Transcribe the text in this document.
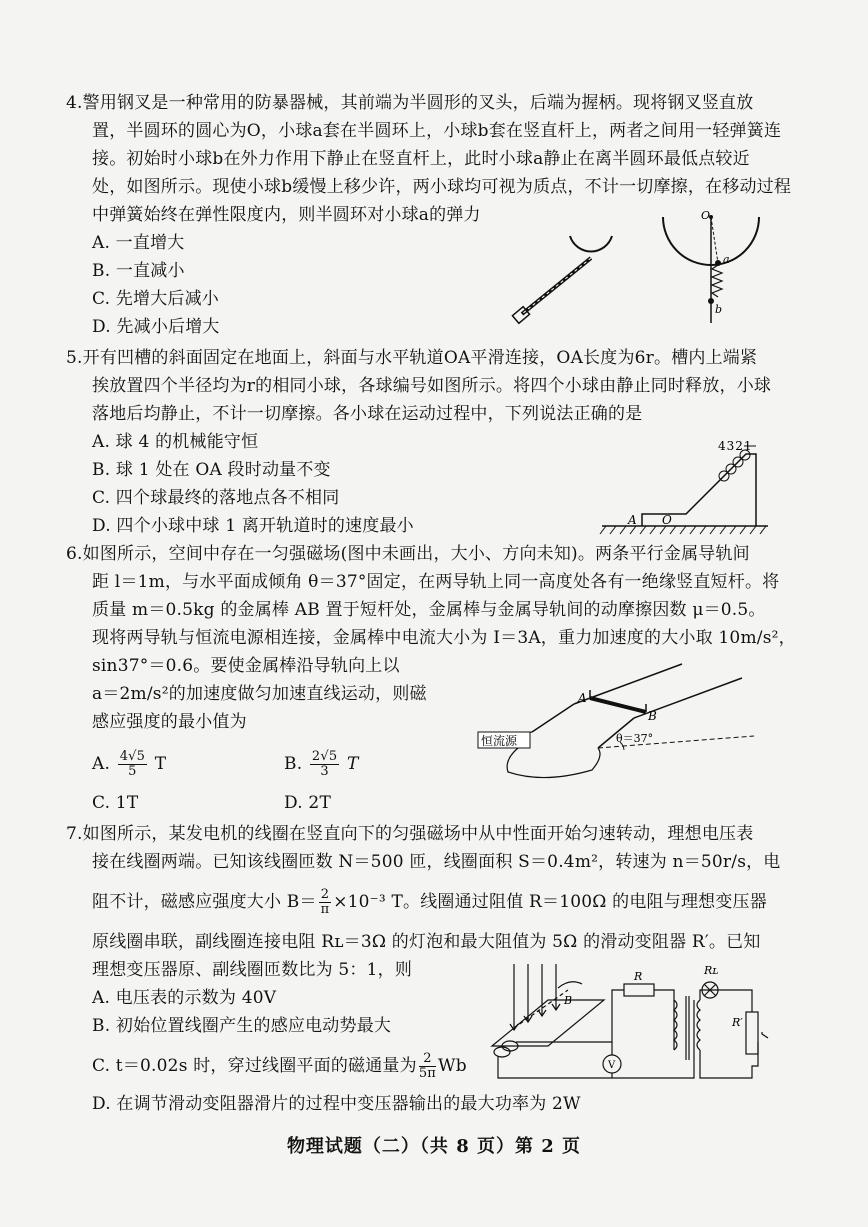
4.警用钢叉是一种常用的防暴器械，其前端为半圆形的叉头，后端为握柄。现将钢叉竖直放
置，半圆环的圆心为O，小球a套在半圆环上，小球b套在竖直杆上，两者之间用一轻弹簧连
接。初始时小球b在外力作用下静止在竖直杆上，此时小球a静止在离半圆环最低点较近
处，如图所示。现使小球b缓慢上移少许，两小球均可视为质点，不计一切摩擦，在移动过程
中弹簧始终在弹性限度内，则半圆环对小球a的弹力
A. 一直增大
B. 一直减小
C. 先增大后减小
D. 先减小后增大
O
a
b
5.开有凹槽的斜面固定在地面上，斜面与水平轨道OA平滑连接，OA长度为6r。槽内上端紧
挨放置四个半径均为r的相同小球，各球编号如图所示。将四个小球由静止同时释放，小球
落地后均静止，不计一切摩擦。各小球在运动过程中，下列说法正确的是
A. 球 4 的机械能守恒
B. 球 1 处在 OA 段时动量不变
C. 四个球最终的落地点各不相同
D. 四个小球中球 1 离开轨道时的速度最小
4321
A O
6.如图所示，空间中存在一匀强磁场(图中未画出，大小、方向未知)。两条平行金属导轨间
距 l＝1m，与水平面成倾角 θ＝37°固定，在两导轨上同一高度处各有一绝缘竖直短杆。将
质量 m＝0.5kg 的金属棒 AB 置于短杆处，金属棒与金属导轨间的动摩擦因数 μ＝0.5。
现将两导轨与恒流电源相连接，金属棒中电流大小为 I＝3A，重力加速度的大小取 10m/s²，
sin37°＝0.6。要使金属棒沿导轨向上以
a＝2m/s²的加速度做匀加速直线运动，则磁
感应强度的最小值为
A. $\frac{4√5}{5}$ T	B. $\frac{2√5}{3}$ T
C. 1T	D. 2T
恒流源	θ＝37°
A
B
7.如图所示，某发电机的线圈在竖直向下的匀强磁场中从中性面开始匀速转动，理想电压表
接在线圈两端。已知该线圈匝数 N＝500 匝，线圈面积 S＝0.4m²，转速为 n＝50r/s，电
阻不计，磁感应强度大小 $B= \frac{2}{\pi} \times 10^{-3}$ T。线圈通过阻值 R＝100Ω 的电阻与理想变压器
原线圈串联，副线圈连接电阻 Rʟ＝3Ω 的灯泡和最大阻值为 5Ω 的滑动变阻器 R′。已知
理想变压器原、副线圈匝数比为 5：1，则
A. 电压表的示数为 40V
B. 初始位置线圈产生的感应电动势最大
C. t＝0.02s 时，穿过线圈平面的磁通量为 $\frac{2}{5\pi}$ Wb
D. 在调节滑动变阻器滑片的过程中变压器输出的最大功率为 2W
V
R	Rʟ
R′
B
物理试题（二）（共 8 页）第 2 页
